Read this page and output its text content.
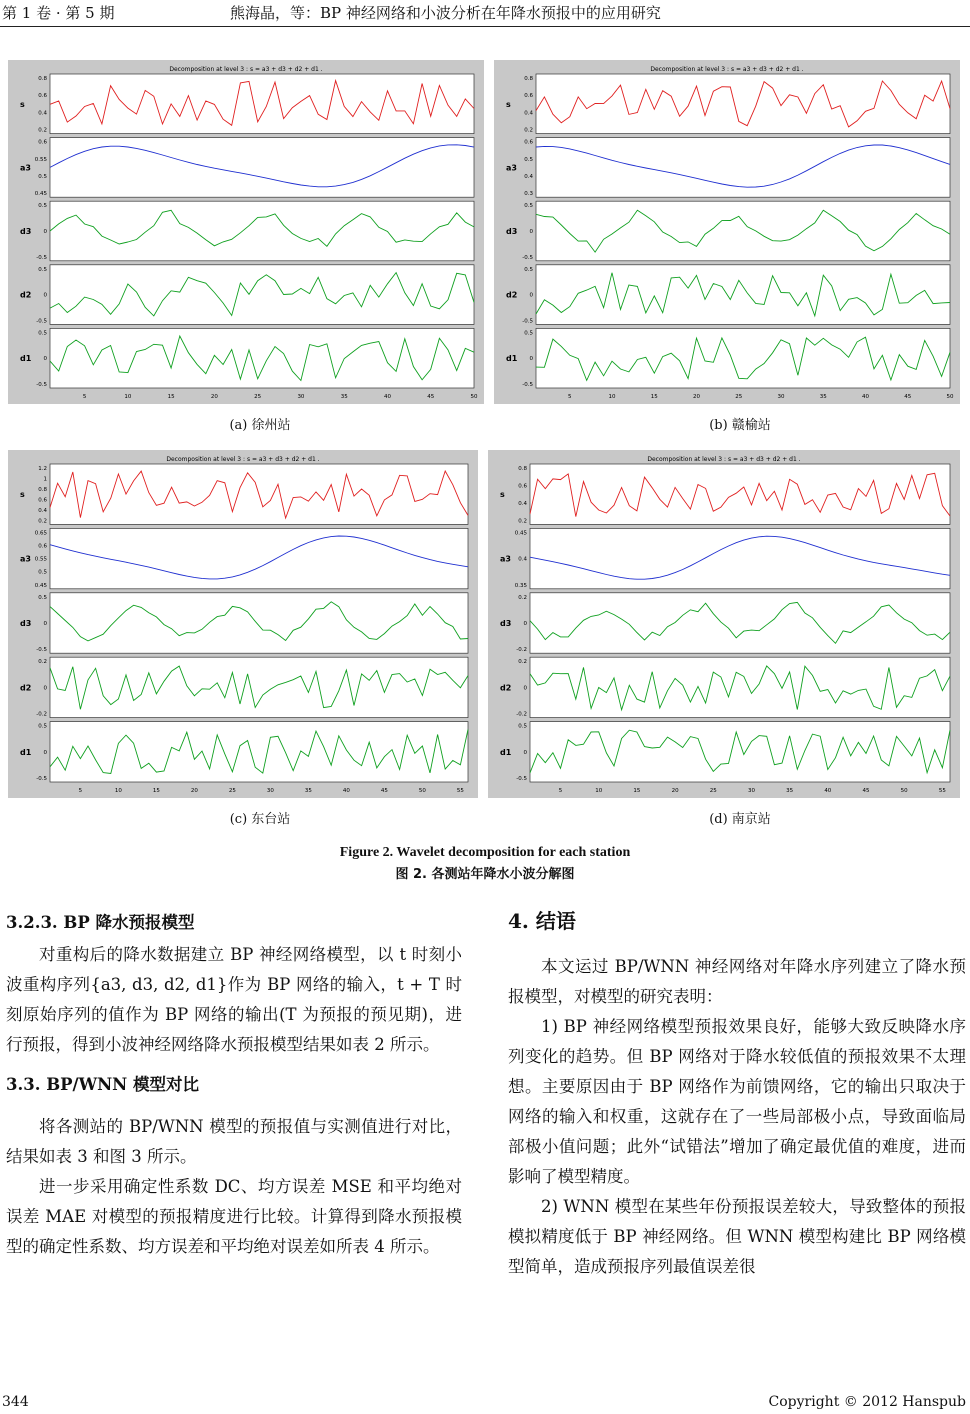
第 1 卷 · 第 5 期	熊海晶，等：BP 神经网络和小波分析在年降水预报中的应用研究
Decomposition at level 3 : s = a3 + d3 + d2 + d1 .
s
0.8
0.6
0.4
0.2
a3
0.6
0.55
0.5
0.45
d3
0.5
0
-0.5
d2
0.5
0
-0.5
d1
0.5
0
-0.5
5	10	15	20	25	30	35	40	45	50
Decomposition at level 3 : s = a3 + d3 + d2 + d1 .
s
0.8
0.6
0.4
0.2
a3
0.6
0.5
0.4
0.3
d3
0.5
0
-0.5
d2
0.5
0
-0.5
d1
0.5
0
-0.5
5	10	15	20	25	30	35	40	45	50
Decomposition at level 3 : s = a3 + d3 + d2 + d1 .
s
1.2
1
0.8
0.6
0.4
0.2
a3
0.65
0.6
0.55
0.5
0.45
d3
0.5
0
-0.5
d2
0.2
0
-0.2
d1
0.5
0
-0.5
5	10	15	20	25	30	35	40	45	50	55
Decomposition at level 3 : s = a3 + d3 + d2 + d1 .
s
0.8
0.6
0.4
0.2
a3
0.45
0.4
0.35
d3
0.2
0
-0.2
d2
0.2
0
-0.2
d1
0.5
0
-0.5
5	10	15	20	25	30	35	40	45	50	55
(a) 徐州站	(b) 赣榆站
(c) 东台站	(d) 南京站
Figure 2. Wavelet decomposition for each station
图 2. 各测站年降水小波分解图
3.2.3. BP 降水预报模型

对重构后的降水数据建立 BP 神经网络模型，以 t 时刻小波重构序列{a3, d3, d2, d1}作为 BP 网络的输入，t + T 时刻原始序列的值作为 BP 网络的输出(T 为预报的预见期)，进行预报，得到小波神经网络降水预报模型结果如表 2 所示。

3.3. BP/WNN 模型对比

将各测站的 BP/WNN 模型的预报值与实测值进行对比，结果如表 3 和图 3 所示。

进一步采用确定性系数 DC、均方误差 MSE 和平均绝对误差 MAE 对模型的预报精度进行比较。计算得到降水预报模型的确定性系数、均方误差和平均绝对误差如所表 4 所示。

4. 结语

本文运过 BP/WNN 神经网络对年降水序列建立了降水预报模型，对模型的研究表明：

1) BP 神经网络模型预报效果良好，能够大致反映降水序列变化的趋势。但 BP 网络对于降水较低值的预报效果不太理想。主要原因由于 BP 网络作为前馈网络，它的输出只取决于网络的输入和权重，这就存在了一些局部极小点，导致面临局部极小值问题；此外“试错法”增加了确定最优值的难度，进而影响了模型精度。

2) WNN 模型在某些年份预报误差较大，导致整体的预报模拟精度低于 BP 神经网络。但 WNN 模型构建比 BP 网络模型简单，造成预报序列最值误差很

344	Copyright © 2012 Hanspub
